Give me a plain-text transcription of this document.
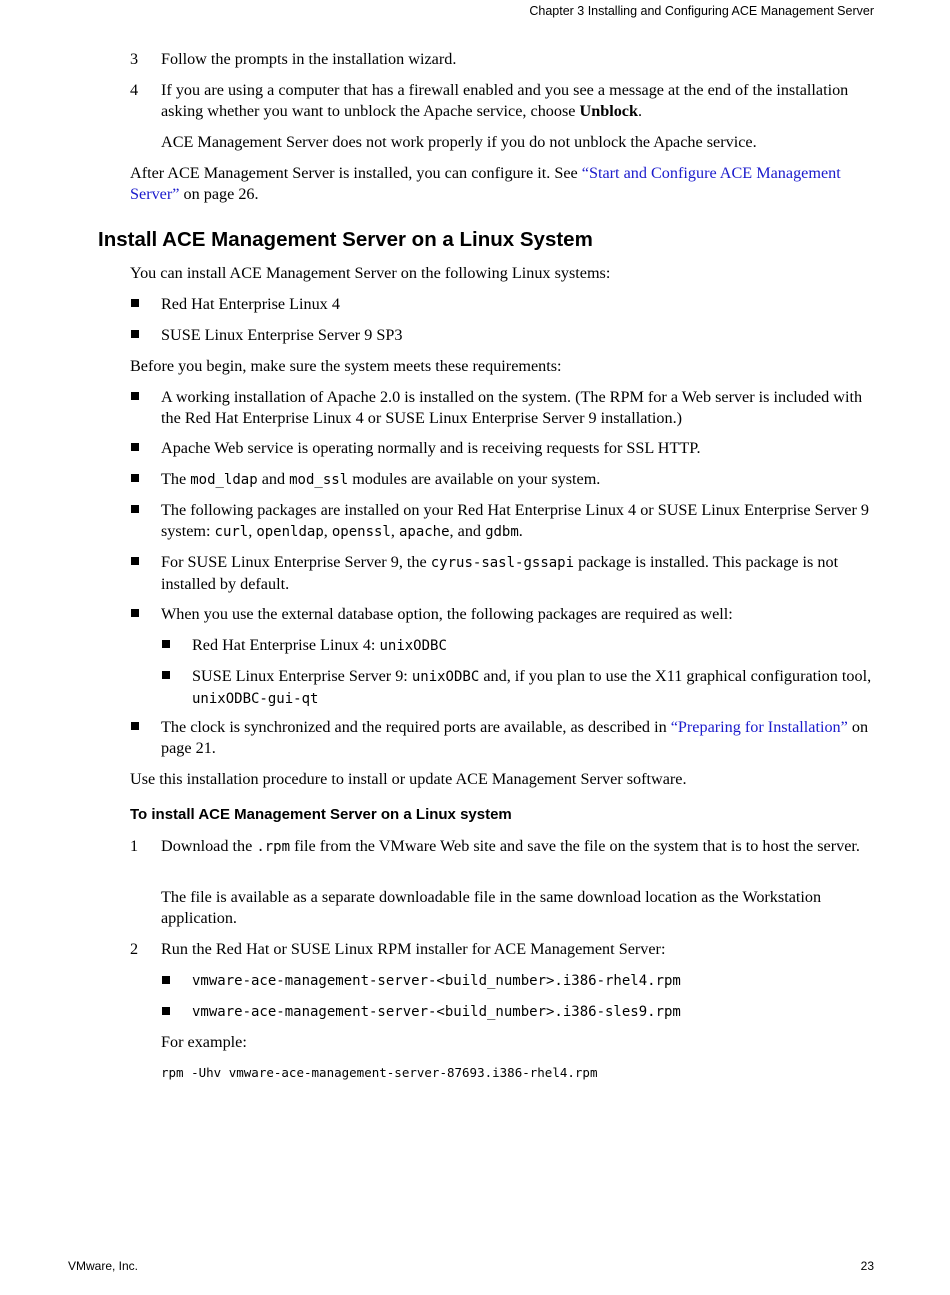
Chapter 3 Installing and Configuring ACE Management Server
3 Follow the prompts in the installation wizard.

4 If you are using a computer that has a firewall enabled and you see a message at the end of the installation asking whether you want to unblock the Apache service, choose Unblock.

ACE Management Server does not work properly if you do not unblock the Apache service.

After ACE Management Server is installed, you can configure it. See “Start and Configure ACE Management Server” on page 26.

Install ACE Management Server on a Linux System

You can install ACE Management Server on the following Linux systems:

Red Hat Enterprise Linux 4

SUSE Linux Enterprise Server 9 SP3

Before you begin, make sure the system meets these requirements:

A working installation of Apache 2.0 is installed on the system. (The RPM for a Web server is included with the Red Hat Enterprise Linux 4 or SUSE Linux Enterprise Server 9 installation.)

Apache Web service is operating normally and is receiving requests for SSL HTTP.

The mod_ldap and mod_ssl modules are available on your system.

The following packages are installed on your Red Hat Enterprise Linux 4 or SUSE Linux Enterprise Server 9 system: curl, openldap, openssl, apache, and gdbm.

For SUSE Linux Enterprise Server 9, the cyrus-sasl-gssapi package is installed. This package is not installed by default.

When you use the external database option, the following packages are required as well:

Red Hat Enterprise Linux 4: unixODBC

SUSE Linux Enterprise Server 9: unixODBC and, if you plan to use the X11 graphical configuration tool, unixODBC-gui-qt

The clock is synchronized and the required ports are available, as described in “Preparing for Installation” on page 21.

Use this installation procedure to install or update ACE Management Server software.

To install ACE Management Server on a Linux system
1 Download the .rpm file from the VMware Web site and save the file on the system that is to host the server.

The file is available as a separate downloadable file in the same download location as the Workstation application.

2 Run the Red Hat or SUSE Linux RPM installer for ACE Management Server:

vmware-ace-management-server-<build_number>.i386-rhel4.rpm

vmware-ace-management-server-<build_number>.i386-sles9.rpm

For example:

rpm -Uhv vmware-ace-management-server-87693.i386-rhel4.rpm
VMware, Inc.	23
